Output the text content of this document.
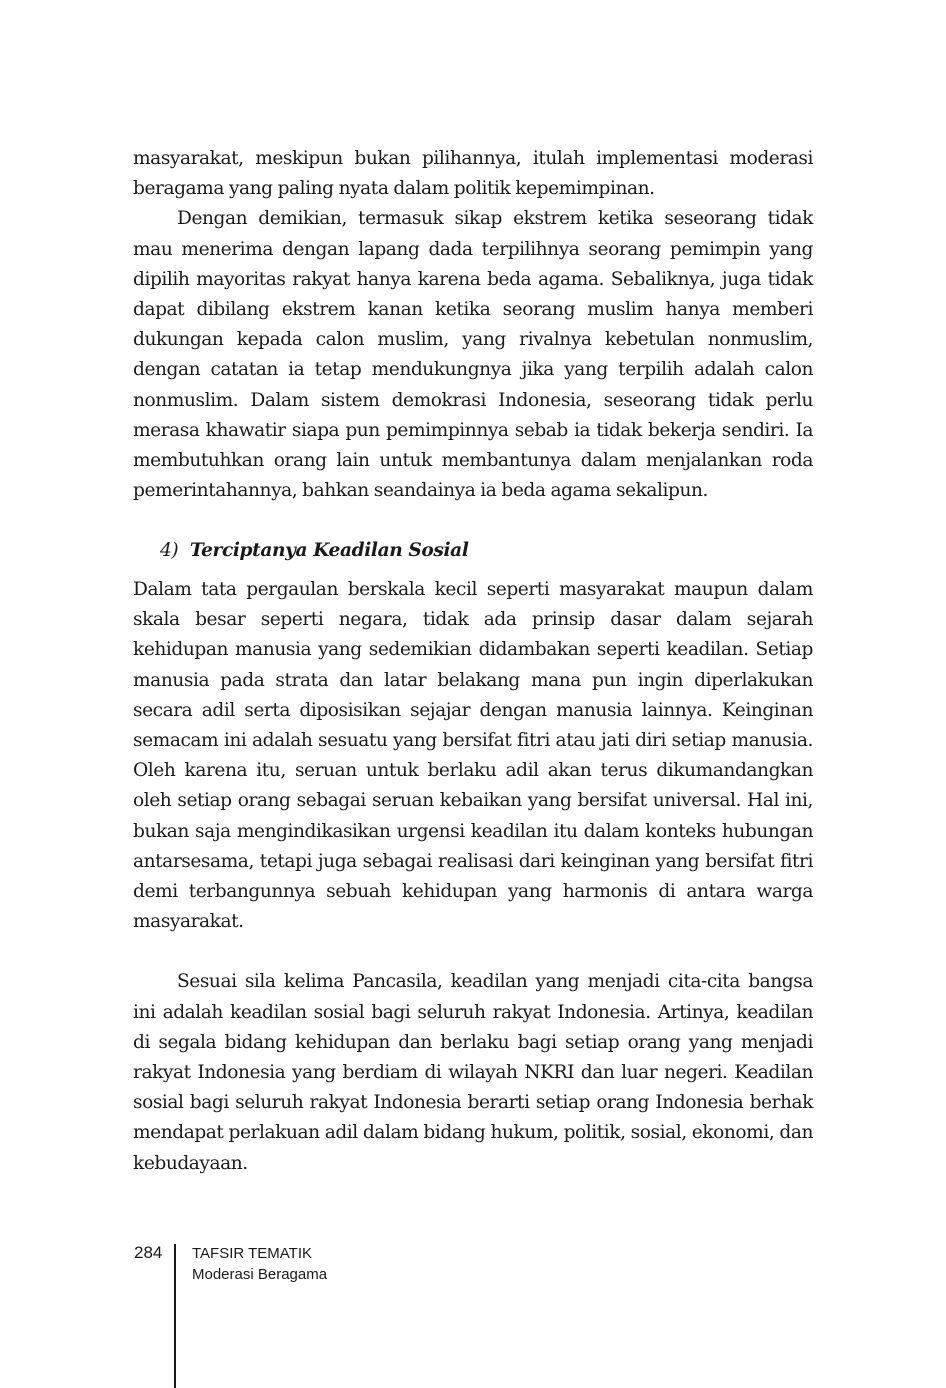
masyarakat, meskipun bukan pilihannya, itulah implementasi moderasi beragama yang paling nyata dalam politik kepemimpinan.

Dengan demikian, termasuk sikap ekstrem ketika seseorang tidak mau menerima dengan lapang dada terpilihnya seorang pemimpin yang dipilih mayoritas rakyat hanya karena beda agama. Sebaliknya, juga tidak dapat dibilang ekstrem kanan ketika seorang muslim hanya memberi dukungan kepada calon muslim, yang rivalnya kebetulan nonmuslim, dengan catatan ia tetap mendukungnya jika yang terpilih adalah calon nonmuslim. Dalam sistem demokrasi Indonesia, seseorang tidak perlu merasa khawatir siapa pun pemimpinnya sebab ia tidak bekerja sendiri. Ia membutuhkan orang lain untuk membantunya dalam menjalankan roda pemerintahannya, bahkan seandainya ia beda agama sekalipun.

4) Terciptanya Keadilan Sosial

Dalam tata pergaulan berskala kecil seperti masyarakat maupun dalam skala besar seperti negara, tidak ada prinsip dasar dalam sejarah kehidupan manusia yang sedemikian didambakan seperti keadilan. Setiap manusia pada strata dan latar belakang mana pun ingin diperlakukan secara adil serta diposisikan sejajar dengan manusia lainnya. Keinginan semacam ini adalah sesuatu yang bersifat fitri atau jati diri setiap manusia. Oleh karena itu, seruan untuk berlaku adil akan terus dikumandangkan oleh setiap orang sebagai seruan kebaikan yang bersifat universal. Hal ini, bukan saja mengindikasikan urgensi keadilan itu dalam konteks hubungan antarsesama, tetapi juga sebagai realisasi dari keinginan yang bersifat fitri demi terbangunnya sebuah kehidupan yang harmonis di antara warga masyarakat.

Sesuai sila kelima Pancasila, keadilan yang menjadi cita-cita bangsa ini adalah keadilan sosial bagi seluruh rakyat Indonesia. Artinya, keadilan di segala bidang kehidupan dan berlaku bagi setiap orang yang menjadi rakyat Indonesia yang berdiam di wilayah NKRI dan luar negeri. Keadilan sosial bagi seluruh rakyat Indonesia berarti setiap orang Indonesia berhak mendapat perlakuan adil dalam bidang hukum, politik, sosial, ekonomi, dan kebudayaan.

284 TAFSIR TEMATIK
Moderasi Beragama
